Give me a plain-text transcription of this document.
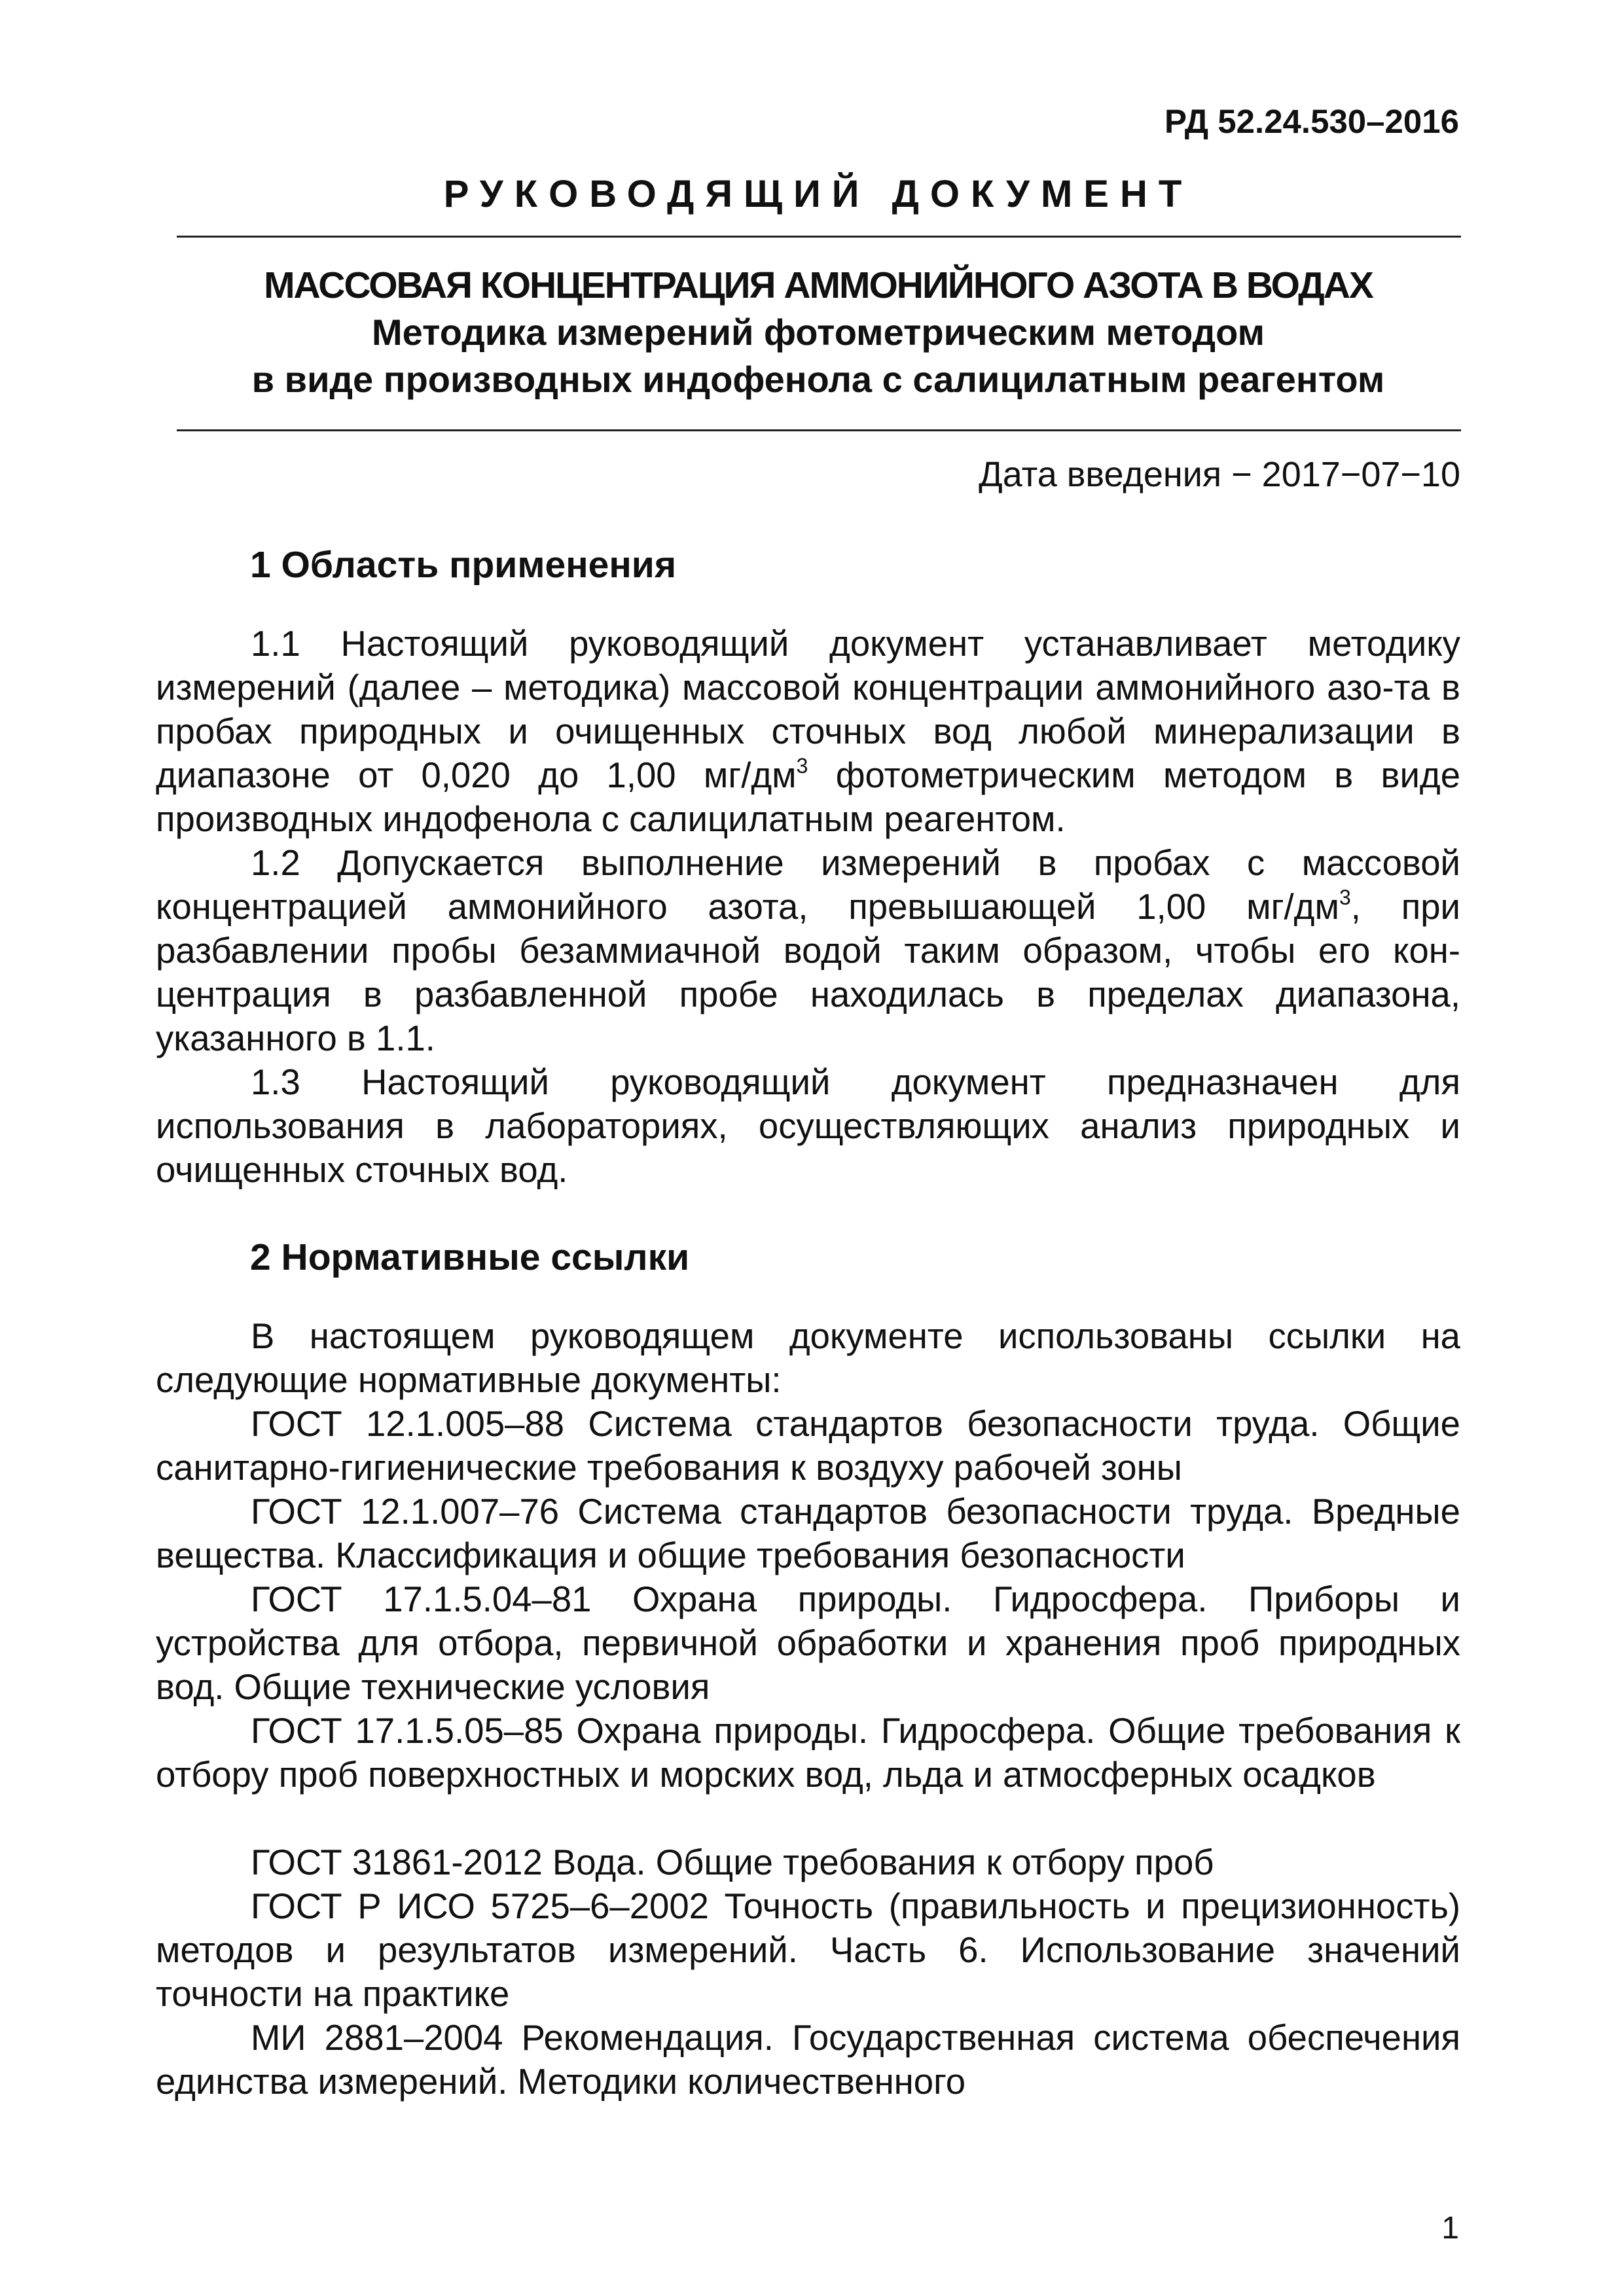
РД 52.24.530–2016
РУКОВОДЯЩИЙ ДОКУМЕНТ
МАССОВАЯ КОНЦЕНТРАЦИЯ АММОНИЙНОГО АЗОТА В ВОДАХ
Методика измерений фотометрическим методом
в виде производных индофенола с салицилатным реагентом
Дата введения − 2017−07−10
1 Область применения

1.1 Настоящий руководящий документ устанавливает методику измерений (далее – методика) массовой концентрации аммонийного азо-та в пробах природных и очищенных сточных вод любой минерализации в диапазоне от 0,020 до 1,00 $мг/дм^3$ фотометрическим методом в виде производных индофенола с салицилатным реагентом.

1.2 Допускается выполнение измерений в пробах с массовой концентрацией аммонийного азота, превышающей 1,00 $мг/дм^3$, при разбавлении пробы безаммиачной водой таким образом, чтобы его кон-центрация в разбавленной пробе находилась в пределах диапазона, указанного в 1.1.

1.3 Настоящий руководящий документ предназначен для использования в лабораториях, осуществляющих анализ природных и очищенных сточных вод.

2 Нормативные ссылки

В настоящем руководящем документе использованы ссылки на следующие нормативные документы:

ГОСТ 12.1.005–88 Система стандартов безопасности труда. Общие санитарно-гигиенические требования к воздуху рабочей зоны

ГОСТ 12.1.007–76 Система стандартов безопасности труда. Вредные вещества. Классификация и общие требования безопасности

ГОСТ 17.1.5.04–81 Охрана природы. Гидросфера. Приборы и устройства для отбора, первичной обработки и хранения проб природных вод. Общие технические условия

ГОСТ 17.1.5.05–85 Охрана природы. Гидросфера. Общие требования к отбору проб поверхностных и морских вод, льда и атмосферных осадков

ГОСТ 31861-2012 Вода. Общие требования к отбору проб

ГОСТ Р ИСО 5725–6–2002 Точность (правильность и прецизионность) методов и результатов измерений. Часть 6. Использование значений точности на практике

МИ 2881–2004 Рекомендация. Государственная система обеспечения единства измерений. Методики количественного

1
